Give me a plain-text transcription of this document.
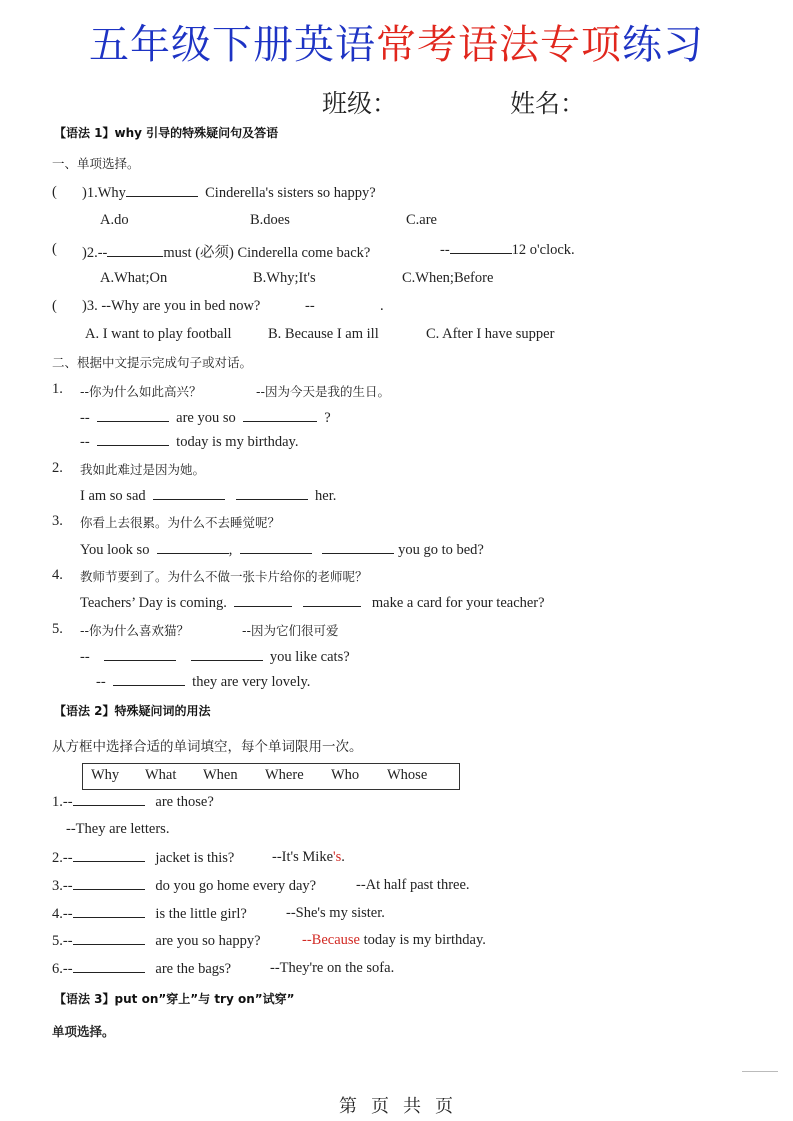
五年级下册英语常考语法专项练习
班级：	姓名：
【语法 1】why 引导的特殊疑问句及答语
一、单项选择。
( )1.Why	Cinderella's sisters so happy?
A.do	B.does	C.are
( )2.--	must (必须) Cinderella come back?	--	12 o'clock.
A.What;On	B.Why;It's	C.When;Before
( )3. --Why are you in bed now?	--	.
A. I want to play football	B. Because I am ill	C. After I have supper
二、根据中文提示完成句子或对话。
1. --你为什么如此高兴？	--因为今天是我的生日。
--	are you so	?
--	today is my birthday.
2. 我如此难过是因为她。
I am so sad	her.
3. 你看上去很累。为什么不去睡觉呢？
You look so	,	you go to bed?
4. 教师节要到了。为什么不做一张卡片给你的老师呢？
Teachers’ Day is coming.	make a card for your teacher?
5. --你为什么喜欢猫？	--因为它们很可爱
--	you like cats?
--	they are very lovely.
【语法 2】特殊疑问词的用法
从方框中选择合适的单词填空，每个单词限用一次。
Why What When Where Who Whose
1.--	are those?
--They are letters.
2.--	jacket is this?	--It's Mike's.
3.--	do you go home every day?	--At half past three.
4.--	is the little girl?	--She's my sister.
5.--	are you so happy?	--Because today is my birthday.
6.--	are the bags?	--They're on the sofa.
【语法 3】put on”穿上”与 try on”试穿”
单项选择。
第 页 共 页
